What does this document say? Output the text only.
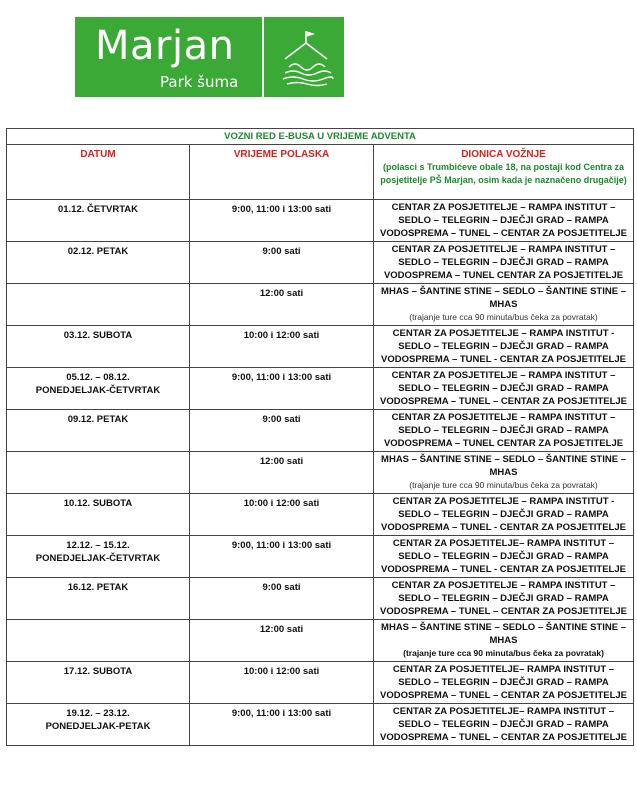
Marjan
Park šuma
VOZNI RED E-BUSA U VRIJEME ADVENTA		
DATUM	VRIJEME POLASKA	DIONICA VOŽNJE
(polasci s Trumbićeve obale 18, na postaji kod Centra za posjetitelje PŠ Marjan, osim kada je naznačeno drugačije)

01.12. ČETVRTAK	9:00, 11:00 i 13:00 sati	CENTAR ZA POSJETITELJE – RAMPA INSTITUT – SEDLO – TELEGRIN – DJEČJI GRAD – RAMPA VODOSPREMA – TUNEL – CENTAR ZA POSJETITELJE

02.12. PETAK	9:00 sati	CENTAR ZA POSJETITELJE – RAMPA INSTITUT – SEDLO – TELEGRIN – DJEČJI GRAD – RAMPA VODOSPREMA – TUNEL CENTAR ZA POSJETITELJE

	12:00 sati	MHAS – ŠANTINE STINE – SEDLO – ŠANTINE STINE – MHAS
(trajanje ture cca 90 minuta/bus čeka za povratak)

03.12. SUBOTA	10:00 i 12:00 sati	CENTAR ZA POSJETITELJE – RAMPA INSTITUT - SEDLO – TELEGRIN – DJEČJI GRAD – RAMPA VODOSPREMA – TUNEL - CENTAR ZA POSJETITELJE

05.12. – 08.12.
PONEDJELJAK-ČETVRTAK	9:00, 11:00 i 13:00 sati	CENTAR ZA POSJETITELJE – RAMPA INSTITUT – SEDLO – TELEGRIN – DJEČJI GRAD – RAMPA VODOSPREMA – TUNEL – CENTAR ZA POSJETITELJE

09.12. PETAK	9:00 sati	CENTAR ZA POSJETITELJE – RAMPA INSTITUT – SEDLO – TELEGRIN – DJEČJI GRAD – RAMPA VODOSPREMA – TUNEL CENTAR ZA POSJETITELJE

	12:00 sati	MHAS – ŠANTINE STINE – SEDLO – ŠANTINE STINE – MHAS
(trajanje ture cca 90 minuta/bus čeka za povratak)

10.12. SUBOTA	10:00 i 12:00 sati	CENTAR ZA POSJETITELJE – RAMPA INSTITUT - SEDLO – TELEGRIN – DJEČJI GRAD – RAMPA VODOSPREMA – TUNEL - CENTAR ZA POSJETITELJE

12.12. – 15.12.
PONEDJELJAK-ČETVRTAK	9:00, 11:00 i 13:00 sati	CENTAR ZA POSJETITELJE– RAMPA INSTITUT – SEDLO – TELEGRIN – DJEČJI GRAD – RAMPA VODOSPREMA – TUNEL - CENTAR ZA POSJETITELJE

16.12. PETAK	9:00 sati	CENTAR ZA POSJETITELJE – RAMPA INSTITUT – SEDLO – TELEGRIN – DJEČJI GRAD – RAMPA VODOSPREMA – TUNEL – CENTAR ZA POSJETITELJE

	12:00 sati	MHAS – ŠANTINE STINE – SEDLO – ŠANTINE STINE – MHAS
(trajanje ture cca 90 minuta/bus čeka za povratak)

17.12. SUBOTA	10:00 i 12:00 sati	CENTAR ZA POSJETITELJE– RAMPA INSTITUT – SEDLO – TELEGRIN – DJEČJI GRAD – RAMPA VODOSPREMA – TUNEL – CENTAR ZA POSJETITELJE

19.12. – 23.12.
PONEDJELJAK-PETAK	9:00, 11:00 i 13:00 sati	CENTAR ZA POSJETITELJE– RAMPA INSTITUT – SEDLO – TELEGRIN – DJEČJI GRAD – RAMPA VODOSPREMA – TUNEL – CENTAR ZA POSJETITELJE
